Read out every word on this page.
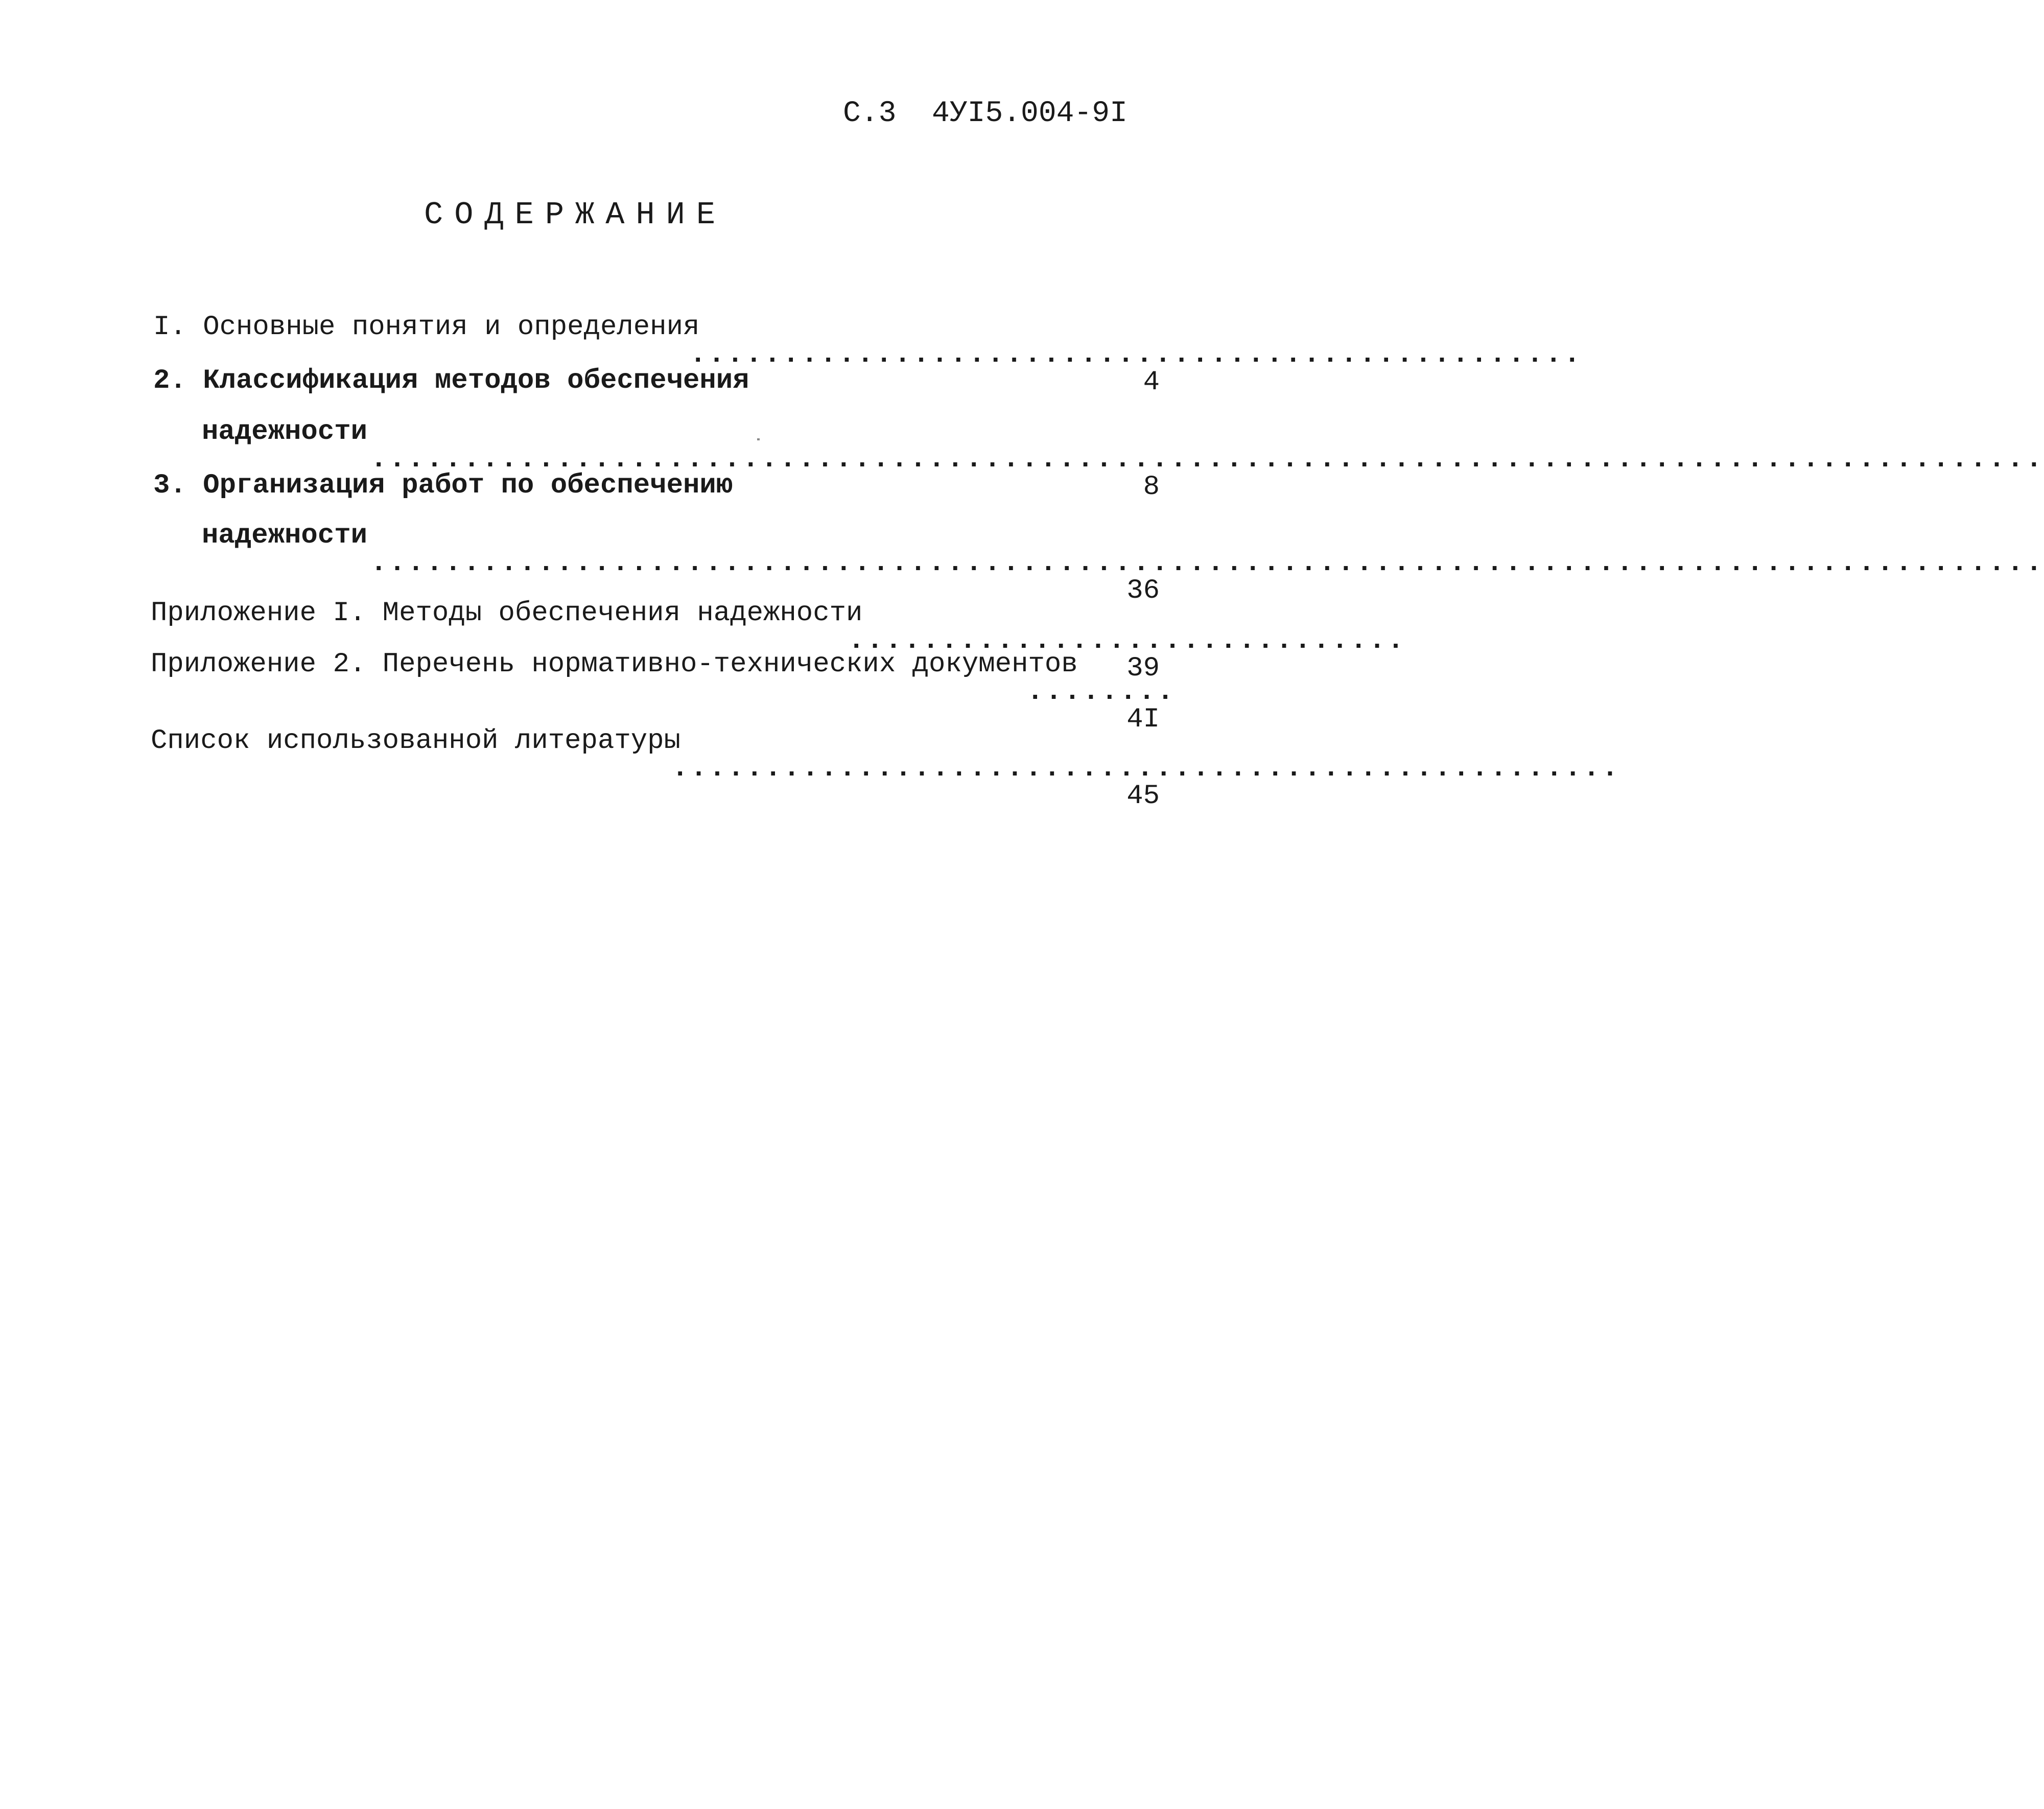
С.3  4УI5.004-9I
СОДЕРЖАНИЕ

I. Основные понятия и определения

................................................

4

2. Классификация методов обеспечения

надежности

..........................................................................................

8

3. Организация работ по обеспечению

надежности

..........................................................................................

36

Приложение I. Методы обеспечения надежности

..............................

39

Приложение 2. Перечень нормативно-технических документов

........

4I

Список использованной литературы

...................................................

45
